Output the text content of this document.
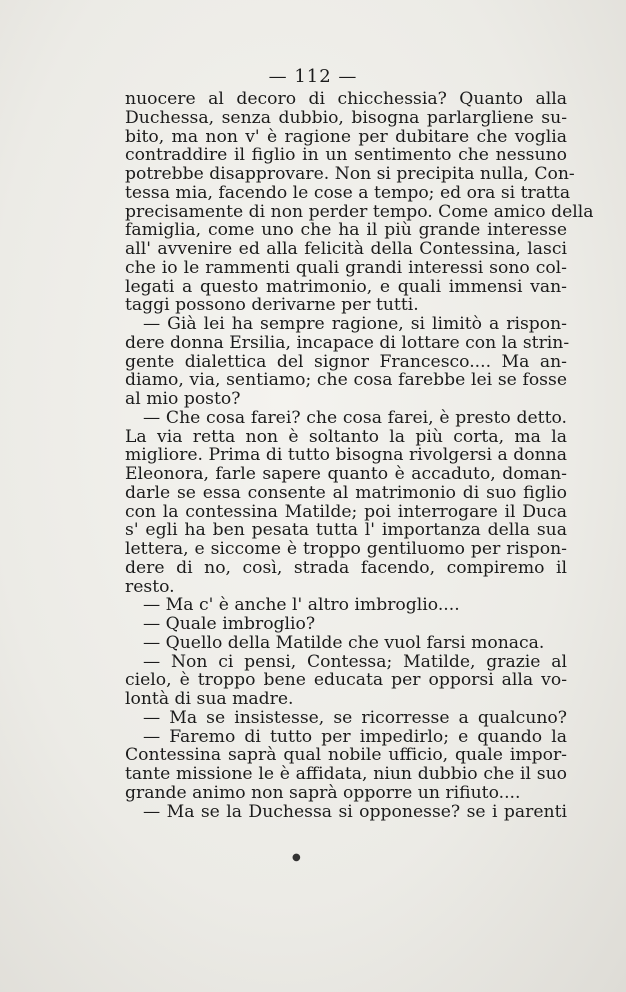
— 112 —
nuocere al decoro di chicchessia? Quanto alla
Duchessa, senza dubbio, bisogna parlargliene su-
bito, ma non v' è ragione per dubitare che voglia
contraddire il figlio in un sentimento che nessuno
potrebbe disapprovare. Non si precipita nulla, Con-
tessa mia, facendo le cose a tempo; ed ora si tratta
precisamente di non perder tempo. Come amico della
famiglia, come uno che ha il più grande interesse
all' avvenire ed alla felicità della Contessina, lasci
che io le rammenti quali grandi interessi sono col-
legati a questo matrimonio, e quali immensi van-
taggi possono derivarne per tutti.
— Già lei ha sempre ragione, si limitò a rispon-
dere donna Ersilia, incapace di lottare con la strin-
gente dialettica del signor Francesco.... Ma an-
diamo, via, sentiamo; che cosa farebbe lei se fosse
al mio posto?
— Che cosa farei? che cosa farei, è presto detto.
La via retta non è soltanto la più corta, ma la
migliore. Prima di tutto bisogna rivolgersi a donna
Eleonora, farle sapere quanto è accaduto, doman-
darle se essa consente al matrimonio di suo figlio
con la contessina Matilde; poi interrogare il Duca
s' egli ha ben pesata tutta l' importanza della sua
lettera, e siccome è troppo gentiluomo per rispon-
dere di no, così, strada facendo, compiremo il
resto.
— Ma c' è anche l' altro imbroglio....
— Quale imbroglio?
— Quello della Matilde che vuol farsi monaca.
— Non ci pensi, Contessa; Matilde, grazie al
cielo, è troppo bene educata per opporsi alla vo-
lontà di sua madre.
— Ma se insistesse, se ricorresse a qualcuno?
— Faremo di tutto per impedirlo; e quando la
Contessina saprà qual nobile ufficio, quale impor-
tante missione le è affidata, niun dubbio che il suo
grande animo non saprà opporre un rifiuto....
— Ma se la Duchessa si opponesse? se i parenti
●
